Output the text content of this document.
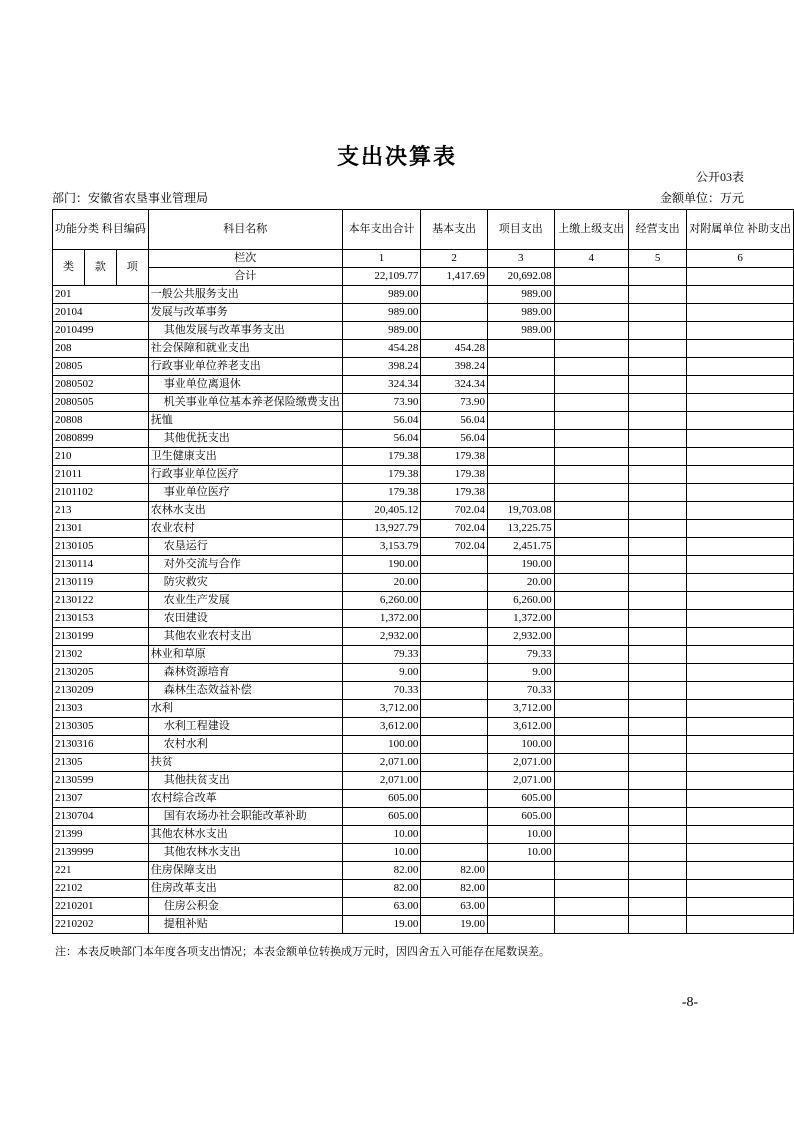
支出决算表
公开03表
部门：安徽省农垦事业管理局	金额单位：万元
功能分类 科目编码			科目名称	本年支出合计	基本支出	项目支出	上缴上级支出	经营支出	对附属单位 补助支出
类	款	项	栏次	1	2	3	4	5	6
			合计	22,109.77	1,417.69	20,692.08			
201			一般公共服务支出	989.00		989.00			
20104			发展与改革事务	989.00		989.00			
2010499			其他发展与改革事务支出	989.00		989.00			
208			社会保障和就业支出	454.28	454.28				
20805			行政事业单位养老支出	398.24	398.24				
2080502			事业单位离退休	324.34	324.34				
2080505			机关事业单位基本养老保险缴费支出	73.90	73.90				
20808			抚恤	56.04	56.04				
2080899			其他优抚支出	56.04	56.04				
210			卫生健康支出	179.38	179.38				
21011			行政事业单位医疗	179.38	179.38				
2101102			事业单位医疗	179.38	179.38				
213			农林水支出	20,405.12	702.04	19,703.08			
21301			农业农村	13,927.79	702.04	13,225.75			
2130105			农垦运行	3,153.79	702.04	2,451.75			
2130114			对外交流与合作	190.00		190.00			
2130119			防灾救灾	20.00		20.00			
2130122			农业生产发展	6,260.00		6,260.00			
2130153			农田建设	1,372.00		1,372.00			
2130199			其他农业农村支出	2,932.00		2,932.00			
21302			林业和草原	79.33		79.33			
2130205			森林资源培育	9.00		9.00			
2130209			森林生态效益补偿	70.33		70.33			
21303			水利	3,712.00		3,712.00			
2130305			水利工程建设	3,612.00		3,612.00			
2130316			农村水利	100.00		100.00			
21305			扶贫	2,071.00		2,071.00			
2130599			其他扶贫支出	2,071.00		2,071.00			
21307			农村综合改革	605.00		605.00			
2130704			国有农场办社会职能改革补助	605.00		605.00			
21399			其他农林水支出	10.00		10.00			
2139999			其他农林水支出	10.00		10.00			
221			住房保障支出	82.00	82.00				
22102			住房改革支出	82.00	82.00				
2210201			住房公积金	63.00	63.00				
2210202			提租补贴	19.00	19.00				
注：本表反映部门本年度各项支出情况；本表金额单位转换成万元时，因四舍五入可能存在尾数误差。
-8-
